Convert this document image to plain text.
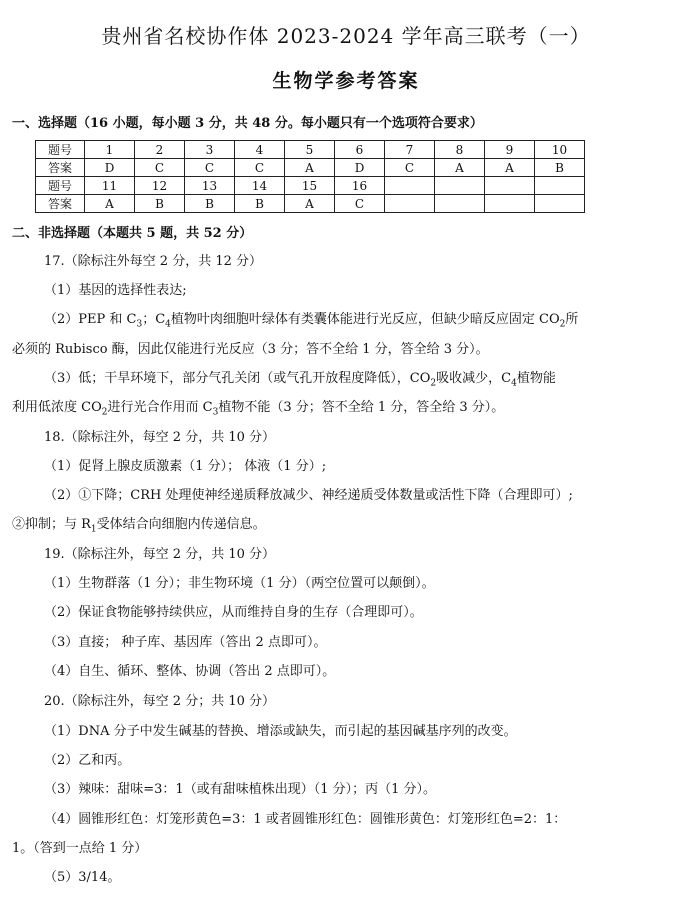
贵州省名校协作体 2023-2024 学年高三联考（一）
生物学参考答案
一、选择题（16 小题，每小题 3 分，共 48 分。每小题只有一个选项符合要求）
题号	1	2	3	4	5	6	7	8	9	10
答案	D	C	C	C	A	D	C	A	A	B
题号	11	12	13	14	15	16				
答案	A	B	B	B	A	C				
二、非选择题（本题共 5 题，共 52 分）
17.（除标注外每空 2 分，共 12 分）
（1）基因的选择性表达;
（2）PEP 和 $C_3$；$C_4$植物叶肉细胞叶绿体有类囊体能进行光反应，但缺少暗反应固定 $CO_2$所
必须的 Rubisco 酶，因此仅能进行光反应（3 分；答不全给 1 分，答全给 3 分）。
（3）低；干旱环境下，部分气孔关闭（或气孔开放程度降低），$CO_2$吸收减少，$C_4$植物能
利用低浓度 $CO_2$进行光合作用而 $C_3$植物不能（3 分；答不全给 1 分，答全给 3 分）。
18.（除标注外，每空 2 分，共 10 分）
（1）促肾上腺皮质激素（1 分）； 体液（1 分）;
（2）①下降；CRH 处理使神经递质释放减少、神经递质受体数量或活性下降（合理即可）;
②抑制；与 $R_1$受体结合向细胞内传递信息。
19.（除标注外，每空 2 分，共 10 分）
（1）生物群落（1 分）；非生物环境（1 分）（两空位置可以颠倒）。
（2）保证食物能够持续供应，从而维持自身的生存（合理即可）。
（3）直接； 种子库、基因库（答出 2 点即可）。
（4）自生、循环、整体、协调（答出 2 点即可）。
20.（除标注外，每空 2 分；共 10 分）
（1）DNA 分子中发生碱基的替换、增添或缺失，而引起的基因碱基序列的改变。
（2）乙和丙。
（3）辣味：甜味=3：1（或有甜味植株出现）（1 分）；丙（1 分）。
（4）圆锥形红色：灯笼形黄色=3：1 或者圆锥形红色：圆锥形黄色：灯笼形红色=2：1：
1。（答到一点给 1 分）
（5）3/14。
